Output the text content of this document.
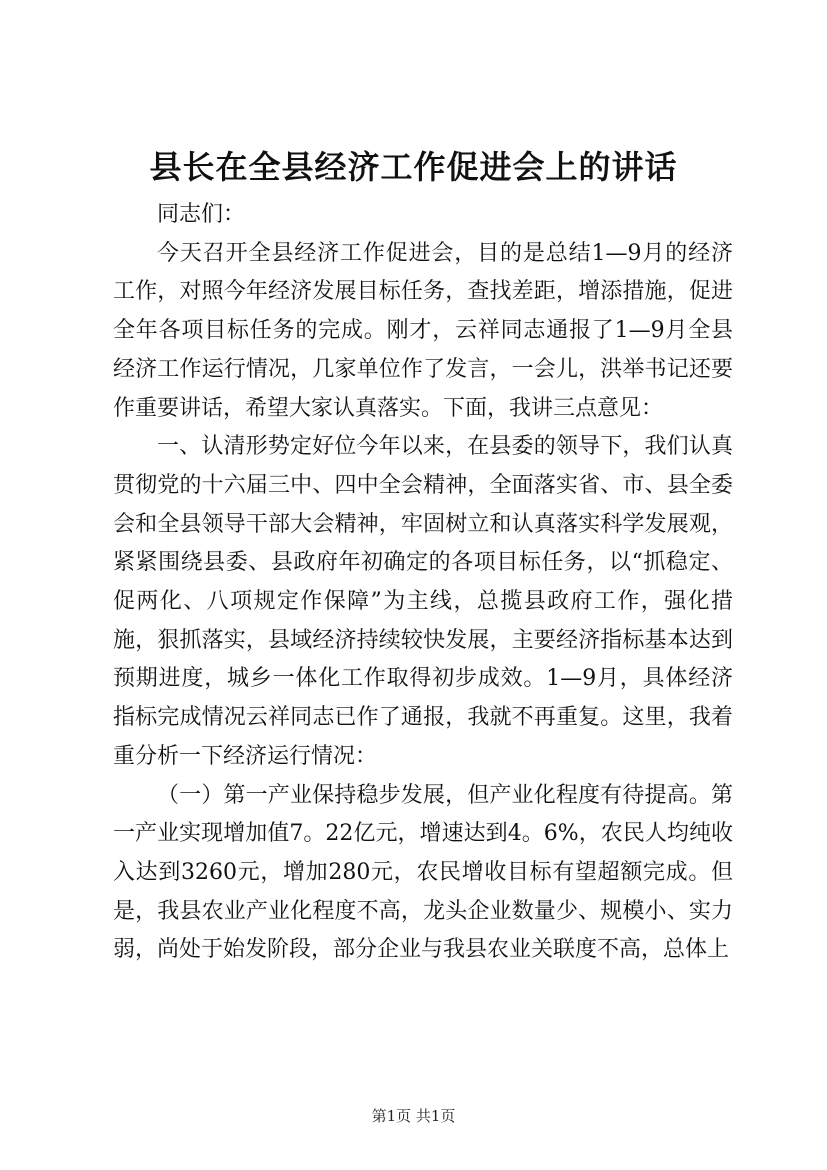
县长在全县经济工作促进会上的讲话

同志们：

今天召开全县经济工作促进会，目的是总结1—9月的经济工作，对照今年经济发展目标任务，查找差距，增添措施，促进全年各项目标任务的完成。刚才，云祥同志通报了1—9月全县经济工作运行情况，几家单位作了发言，一会儿，洪举书记还要作重要讲话，希望大家认真落实。下面，我讲三点意见：

一、认清形势定好位今年以来，在县委的领导下，我们认真贯彻党的十六届三中、四中全会精神，全面落实省、市、县全委会和全县领导干部大会精神，牢固树立和认真落实科学发展观，紧紧围绕县委、县政府年初确定的各项目标任务，以“抓稳定、促两化、八项规定作保障”为主线，总揽县政府工作，强化措施，狠抓落实，县域经济持续较快发展，主要经济指标基本达到预期进度，城乡一体化工作取得初步成效。1—9月，具体经济指标完成情况云祥同志已作了通报，我就不再重复。这里，我着重分析一下经济运行情况：

（一）第一产业保持稳步发展，但产业化程度有待提高。第一产业实现增加值7。22亿元，增速达到4。6%，农民人均纯收入达到3260元，增加280元，农民增收目标有望超额完成。但是，我县农业产业化程度不高，龙头企业数量少、规模小、实力弱，尚处于始发阶段，部分企业与我县农业关联度不高，总体上

第1页 共1页
